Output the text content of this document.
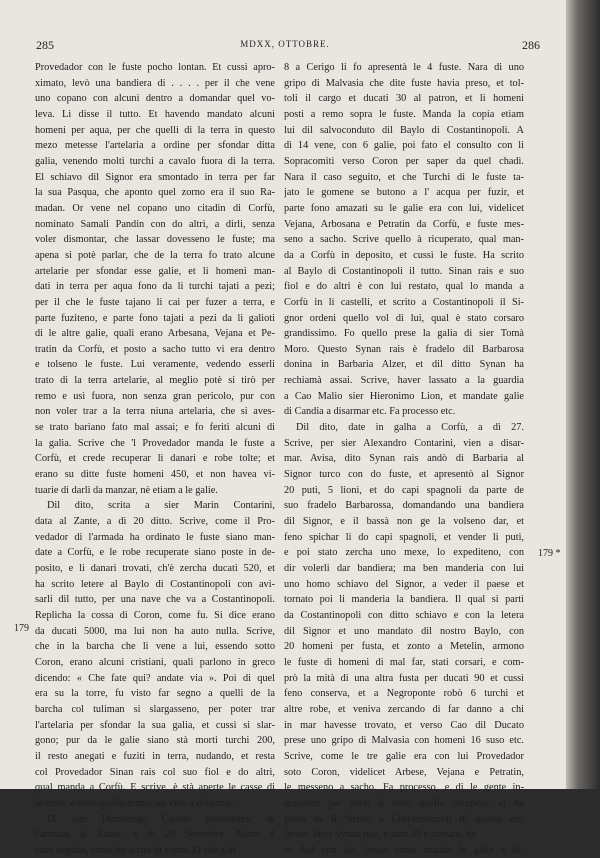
285	MDXX, OTTOBRE.	286
Provedador con le fuste pocho lontan. Et cussì apro-
ximato, levò una bandiera di . . . . per il che vene
uno copano con alcuni dentro a domandar quel vo-
leva. Li disse il tutto. Et havendo mandato alcuni
homeni per aqua, per che quelli di la terra in questo
mezo metesse l'artelaria a ordine per sfondar ditta
galia, venendo molti turchi a cavalo fuora di la terra.
El schiavo dil Signor era smontado in terra per far
la sua Pasqua, che aponto quel zorno era il suo Ra-
madan. Or vene nel copano uno citadin di Corfù,
nominato Samali Pandin con do altri, a dirli, senza
voler dismontar, che lassar dovesseno le fuste; ma
apena si potè parlar, che de la terra fo trato alcune
artelarie per sfondar esse galie, et li homeni man-
dati in terra per aqua fono da li turchi tajati a pezi;
per il che le fuste tajano li cai per fuzer a terra, e
parte fuziteno, e parte fono tajati a pezi da li galioti
di le altre galie, quali erano Arbesana, Vejana et Pe-
tratin da Corfù, et posto a sacho tutto vi era dentro
e tolseno le fuste. Lui veramente, vedendo esserli
trato di la terra artelarie, al meglio potè si tirò per
remo e usì fuora, non senza gran pericolo, pur con
non voler trar a la terra niuna artelaria, che si aves-
se trato bariano fato mal assai; e fo feriti alcuni di
la galia. Scrive che 'l Provedador manda le fuste a
Corfù, et crede recuperar li danari e robe tolte; et
erano su ditte fuste homeni 450, et non havea vi-
tuarie di darli da manzar, nè etiam a le galie.
Dil dito, scrita a sier Marin Contarini,
data al Zante, a dì 20 ditto. Scrive, come il Pro-
vedador di l'armada ha ordinato le fuste siano man-
date a Corfù, e le robe recuperate siano poste in de-
posito, e li danari trovati, ch'è zercha ducati 520, et
ha scrito letere al Baylo di Costantinopoli con avi-
sarli dil tutto, per una nave che va a Costantinopoli.
Replicha la cossa di Coron, come fu. Si dice erano
da ducati 5000, ma lui non ha auto nulla. Scrive,
che in la barcha che li vene a lui, essendo sotto
Coron, erano alcuni cristiani, quali parlono in greco
dicendo: « Che fate qui? andate via ». Poi di quel
era su la torre, fu visto far segno a quelli de la
barcha col tuliman si slargasseno, per poter trar
l'artelaria per sfondar la sua galia, et cussì si slar-
gono; pur da le galie siano stà morti turchi 200,
il resto anegati e fuziti in terra, nudando, et resta
col Provedador Sinan rais col suo fiol e do altri,
qual manda a Corfù. E scrive, è stà aperte le casse di
le fuste, e tolto quello erano: lui vien a disarmar.
Di sier Domenego Capelo provedador di
l'armada al Zante, a dì 20 Setembre. Narra il
caso seguito, come ho scrito di sopra. Et che a dì
8 a Cerigo li fo apresentà le 4 fuste. Nara di uno
gripo di Malvasia che dite fuste havia preso, et tol-
toli il cargo et ducati 30 al patron, et li homeni
posti a remo sopra le fuste. Manda la copia etiam
lui dil salvoconduto dil Baylo di Costantinopoli. A
dì 14 vene, con 6 galie, poi fato el consulto con li
Sopracomiti verso Coron per saper da quel chadi.
Nara il caso seguito, et che Turchi di le fuste ta-
jato le gomene se butono a l' acqua per fuzir, et
parte fono amazati su le galie era con lui, videlicet
Vejana, Arbosana e Petratin da Corfù, e fuste mes-
seno a sacho. Scrive quello à ricuperato, qual man-
da a Corfù in deposito, et cussì le fuste. Ha scrito
al Baylo di Costantinopoli il tutto. Sinan rais e suo
fiol e do altri è con lui restato, qual lo manda a
Corfù in li castelli, et scrito a Costantinopoli il Si-
gnor ordeni quello vol di lui, qual è stato corsaro
grandissimo. Fo quello prese la galia di sier Tomà
Moro. Questo Synan rais è fradelo dil Barbarosa
donina in Barbaria Alzer, et dil ditto Synan ha
rechiamà assai. Scrive, haver lassato a la guardia
a Cao Malio sier Hieronimo Lion, et mandate galie
di Candia a disarmar etc. Fa processo etc.
Dil dito, date in galha a Corfù, a dì 27.
Scrive, per sier Alexandro Contarini, vien a disar-
mar. Avisa, dito Synan rais andò di Barbaria al
Signor turco con do fuste, et apresentò al Signor
20 puti, 5 lioni, et do capi spagnoli da parte de
suo fradelo Barbarossa, domandando una bandiera
dil Signor, e il bassà non ge la volseno dar, et
feno spichar li do capi spagnoli, et vender li puti,
e poi stato zercha uno mexe, lo expediteno, con
dir volerli dar bandiera; ma ben manderia con lui
uno homo schiavo del Signor, a veder il paese et
tornato poi li manderia la bandiera. Il qual si partì
da Costantinopoli con ditto schiavo e con la letera
dil Signor et uno mandato dil nostro Baylo, con
20 homeni per fusta, et zonto a Metelin, armono
le fuste di homeni di mal far, stati corsari, e com-
prò la mità di una altra fusta per ducati 90 et cussì
feno conserva, et a Negroponte robò 6 turchi et
altre robe, et veniva zercando di far danno a chi
in mar havesse trovato, et verso Cao dil Ducato
prese uno gripo di Malvasia con homeni 16 suso etc.
Scrive, come le tre galie era con lui Provedador
soto Coron, videlicet Arbese, Vejana e Petratin,
le messeno a sacho. Fa processo, e di le gente in-
quisition per notar il tutto quello recupera, et ha
posto de li. Scrito a Costantinopoli di questo etc.
Aviso, ditto Synan ruis, è anni 45 è corsaro, ha
so fiol con lui. Avisa come manda le galie a di-
179
179 *
